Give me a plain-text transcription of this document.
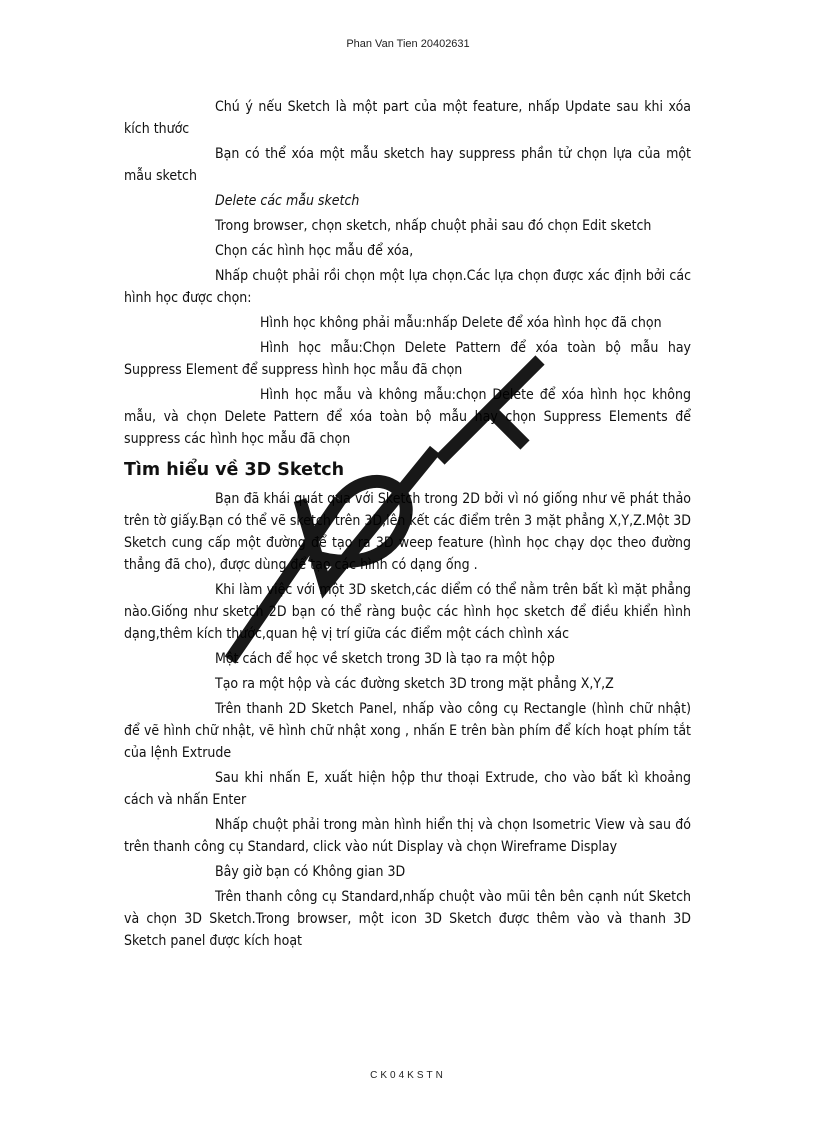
Phan Van Tien 20402631

Chú ý nếu Sketch là một part của một feature, nhấp Update sau khi xóa kích thước

Bạn có thể xóa một mẫu sketch hay suppress phần tử chọn lựa của một mẫu sketch

Delete các mẫu sketch

Trong browser, chọn sketch, nhấp chuột phải sau đó chọn Edit sketch

Chọn các hình học mẫu để xóa,

Nhấp chuột phải rồi chọn một lựa chọn.Các lựa chọn được xác định bởi các hình học được chọn:

Hình học không phải mẫu:nhấp Delete để xóa hình học đã chọn

Hình học mẫu:Chọn Delete Pattern để xóa toàn bộ mẫu hay Suppress Element để suppress hình học mẫu đã chọn

Hình học mẫu và không mẫu:chọn Delete để xóa hình học không mẫu, và chọn Delete Pattern để xóa toàn bộ mẫu hay chọn Suppress Elements để suppress các hình học mẫu đã chọn

Tìm hiểu về 3D Sketch

Bạn đã khái quát qua với Sketch trong 2D bởi vì nó giống như vẽ phát thảo trên tờ giấy.Bạn có thể vẽ sketch trên 3D,lên kết các điểm trên 3 mặt phẳng X,Y,Z.Một 3D Sketch cung cấp một đường để tạo ra 3D weep feature (hình học chạy dọc theo đường thẳng đã cho), được dùng để tạo các hình có dạng ống .

Khi làm việc với một 3D sketch,các diểm có thể nằm trên bất kì mặt phẳng nào.Giống như sketch 2D bạn có thể ràng buộc các hình học sketch để điều khiển hình dạng,thêm kích thước,quan hệ vị trí giữa các điểm một cách chình xác

Một cách để học về sketch trong 3D là tạo ra một hộp

Tạo ra một hộp và các đường sketch 3D trong mặt phẳng X,Y,Z

Trên thanh 2D Sketch Panel, nhấp vào công cụ Rectangle (hình chữ nhật) để vẽ hình chữ nhật, vẽ hình chữ nhật xong , nhấn E trên bàn phím để kích hoạt phím tắt của lệnh Extrude

Sau khi nhấn E, xuất hiện hộp thư thoại Extrude, cho vào bất kì khoảng cách và nhấn Enter

Nhấp chuột phải trong màn hình hiển thị và chọn Isometric View và sau đó trên thanh công cụ Standard, click vào nút Display và chọn Wireframe Display

Bây giờ bạn có Không gian 3D

Trên thanh công cụ Standard,nhấp chuột vào mũi tên bên cạnh nút Sketch và chọn 3D Sketch.Trong browser, một icon 3D Sketch được thêm vào và thanh 3D Sketch panel được kích hoạt

CK04KSTN
